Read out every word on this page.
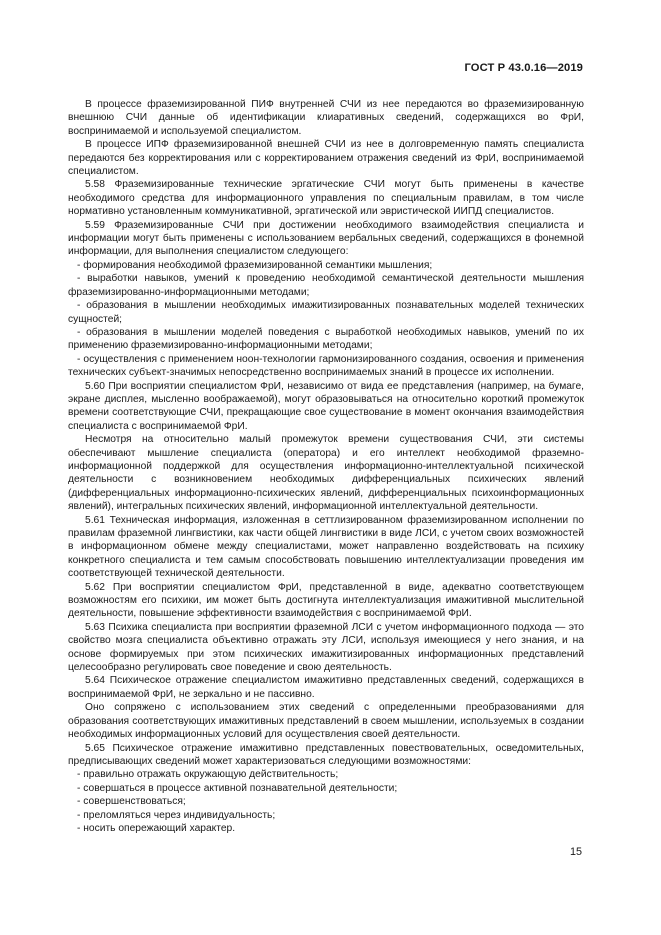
ГОСТ Р 43.0.16—2019

В процессе фраземизированной ПИФ внутренней СЧИ из нее передаются во фраземизированную внешнюю СЧИ данные об идентификации клиаративных сведений, содержащихся во ФрИ, воспринимаемой и используемой специалистом.

В процессе ИПФ фраземизированной внешней СЧИ из нее в долговременную память специалиста передаются без корректирования или с корректированием отражения сведений из ФрИ, воспринимаемой специалистом.

5.58 Фраземизированные технические эргатические СЧИ могут быть применены в качестве необходимого средства для информационного управления по специальным правилам, в том числе нормативно установленным коммуникативной, эргатической или эвристической ИИПД специалистов.

5.59 Фраземизированные СЧИ при достижении необходимого взаимодействия специалиста и информации могут быть применены с использованием вербальных сведений, содержащихся в фонемной информации, для выполнения специалистом следующего:

- формирования необходимой фраземизированной семантики мышления;

- выработки навыков, умений к проведению необходимой семантической деятельности мышления фраземизированно-информационными методами;

- образования в мышлении необходимых имажитизированных познавательных моделей технических сущностей;

- образования в мышлении моделей поведения с выработкой необходимых навыков, умений по их применению фраземизированно-информационными методами;

- осуществления с применением ноон-технологии гармонизированного создания, освоения и применения технических субъект-значимых непосредственно воспринимаемых знаний в процессе их исполнении.

5.60 При восприятии специалистом ФрИ, независимо от вида ее представления (например, на бумаге, экране дисплея, мысленно воображаемой), могут образовываться на относительно короткий промежуток времени соответствующие СЧИ, прекращающие свое существование в момент окончания взаимодействия специалиста с воспринимаемой ФрИ.

Несмотря на относительно малый промежуток времени существования СЧИ, эти системы обеспечивают мышление специалиста (оператора) и его интеллект необходимой фраземно-информационной поддержкой для осуществления информационно-интеллектуальной психической деятельности с возникновением необходимых дифференциальных психических явлений (дифференциальных информационно-психических явлений, дифференциальных психоинформационных явлений), интегральных психических явлений, информационной интеллектуальной деятельности.

5.61 Техническая информация, изложенная в сеттлизированном фраземизированном исполнении по правилам фраземной лингвистики, как части общей лингвистики в виде ЛСИ, с учетом своих возможностей в информационном обмене между специалистами, может направленно воздействовать на психику конкретного специалиста и тем самым способствовать повышению интеллектуализации проведения им соответствующей технической деятельности.

5.62 При восприятии специалистом ФрИ, представленной в виде, адекватно соответствующем возможностям его психики, им может быть достигнута интеллектуализация имажитивной мыслительной деятельности, повышение эффективности взаимодействия с воспринимаемой ФрИ.

5.63 Психика специалиста при восприятии фраземной ЛСИ с учетом информационного подхода — это свойство мозга специалиста объективно отражать эту ЛСИ, используя имеющиеся у него знания, и на основе формируемых при этом психических имажитизированных информационных представлений целесообразно регулировать свое поведение и свою деятельность.

5.64 Психическое отражение специалистом имажитивно представленных сведений, содержащихся в воспринимаемой ФрИ, не зеркально и не пассивно.

Оно сопряжено с использованием этих сведений с определенными преобразованиями для образования соответствующих имажитивных представлений в своем мышлении, используемых в создании необходимых информационных условий для осуществления своей деятельности.

5.65 Психическое отражение имажитивно представленных повествовательных, осведомительных, предписывающих сведений может характеризоваться следующими возможностями:

- правильно отражать окружающую действительность;

- совершаться в процессе активной познавательной деятельности;

- совершенствоваться;

- преломляться через индивидуальность;

- носить опережающий характер.

15
